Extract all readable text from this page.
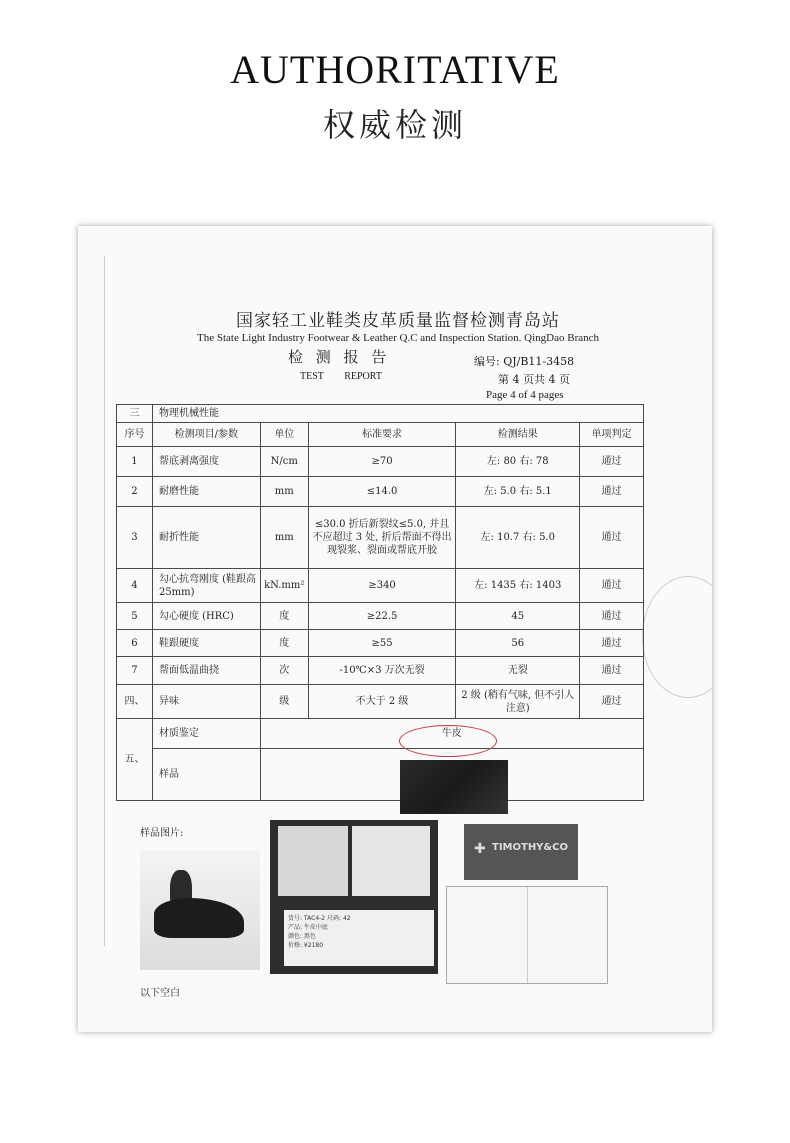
AUTHORITATIVE
权威检测
国家轻工业鞋类皮革质量监督检测青岛站
The State Light Industry Footwear & Leather Q.C and Inspection Station. QingDao Branch
检 测 报 告
TEST REPORT
编号: QJ/B11-3458
第 4 页共 4 页
Page 4 of 4 pages
三	物理机械性能				
序号	检测项目/参数	单位	标准要求	检测结果	单项判定
1	帮底剥离强度	N/cm	≥70	左: 80 右: 78	通过
2	耐磨性能	mm	≤14.0	左: 5.0 右: 5.1	通过
3	耐折性能	mm	≤30.0 折后新裂纹≤5.0, 并且不应超过 3 处, 折后帮面不得出现裂浆、裂面或帮底开胶	左: 10.7 右: 5.0	通过
4	勾心抗弯刚度 (鞋跟高 25mm)	kN.mm²	≥340	左: 1435 右: 1403	通过
5	勾心硬度 (HRC)	度	≥22.5	45	通过
6	鞋跟硬度	度	≥55	56	通过
7	帮面低温曲挠	次	-10℃×3 万次无裂	无裂	通过
四、	异味	级	不大于 2 级	2 级 (稍有气味, 但不引人注意)	通过
五、	材质鉴定	牛皮			
	样品				
样品图片:
货号: TAC4-2 尺码: 42
产品: 牛皮中底
颜色: 黑色
价格: ¥2180
✚ TIMOTHY&CO
以下空白
